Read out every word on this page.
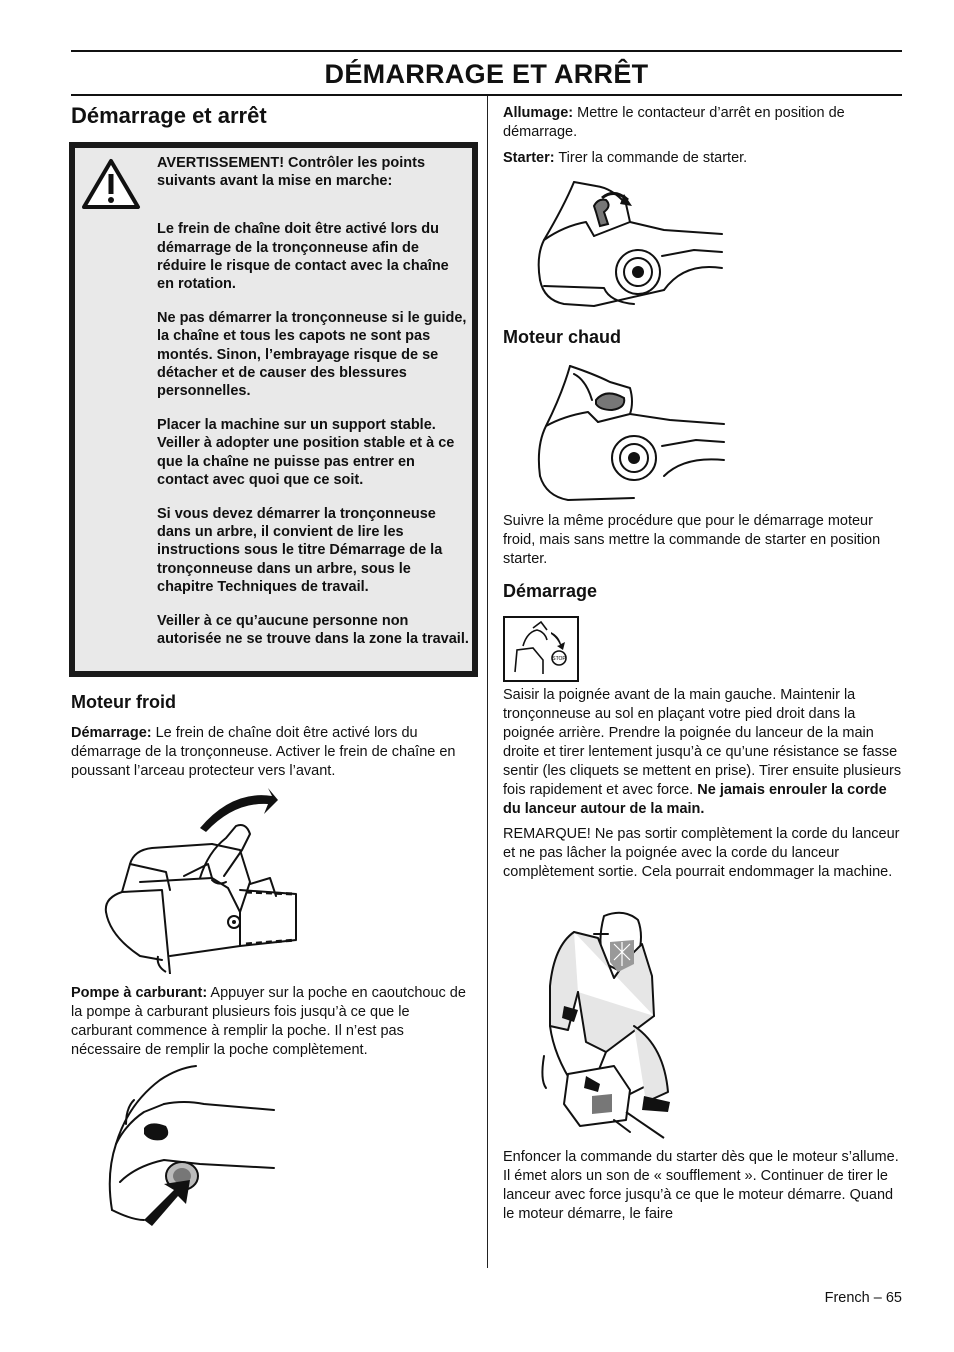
DÉMARRAGE ET ARRÊT
Démarrage et arrêt

AVERTISSEMENT! Contrôler les points suivants avant la mise en marche:

Le frein de chaîne doit être activé lors du démarrage de la tronçonneuse afin de réduire le risque de contact avec la chaîne en rotation.

Ne pas démarrer la tronçonneuse si le guide, la chaîne et tous les capots ne sont pas montés. Sinon, l’embrayage risque de se détacher et de causer des blessures personnelles.

Placer la machine sur un support stable. Veiller à adopter une position stable et à ce que la chaîne ne puisse pas entrer en contact avec quoi que ce soit.

Si vous devez démarrer la tronçonneuse dans un arbre, il convient de lire les instructions sous le titre Démarrage de la tronçonneuse dans un arbre, sous le chapitre Techniques de travail.

Veiller à ce qu’aucune personne non autorisée ne se trouve dans la zone la travail.

Moteur froid

Démarrage: Le frein de chaîne doit être activé lors du démarrage de la tronçonneuse. Activer le frein de chaîne en poussant l’arceau protecteur vers l’avant.

Pompe à carburant: Appuyer sur la poche en caoutchouc de la pompe à carburant plusieurs fois jusqu’à ce que le carburant commence à remplir la poche. Il n’est pas nécessaire de remplir la poche complètement.

Allumage: Mettre le contacteur d’arrêt en position de démarrage.

Starter: Tirer la commande de starter.

Moteur chaud

Suivre la même procédure que pour le démarrage moteur froid, mais sans mettre la commande de starter en position starter.

Démarrage
STOP

Saisir la poignée avant de la main gauche. Maintenir la tronçonneuse au sol en plaçant votre pied droit dans la poignée arrière. Prendre la poignée du lanceur de la main droite et tirer lentement jusqu’à ce qu’une résistance se fasse sentir (les cliquets se mettent en prise). Tirer ensuite plusieurs fois rapidement et avec force. Ne jamais enrouler la corde du lanceur autour de la main.

REMARQUE! Ne pas sortir complètement la corde du lanceur et ne pas lâcher la poignée avec la corde du lanceur complètement sortie. Cela pourrait endommager la machine.

Enfoncer la commande du starter dès que le moteur s’allume. Il émet alors un son de « soufflement ». Continuer de tirer le lanceur avec force jusqu’à ce que le moteur démarre. Quand le moteur démarre, le faire

French – 65
